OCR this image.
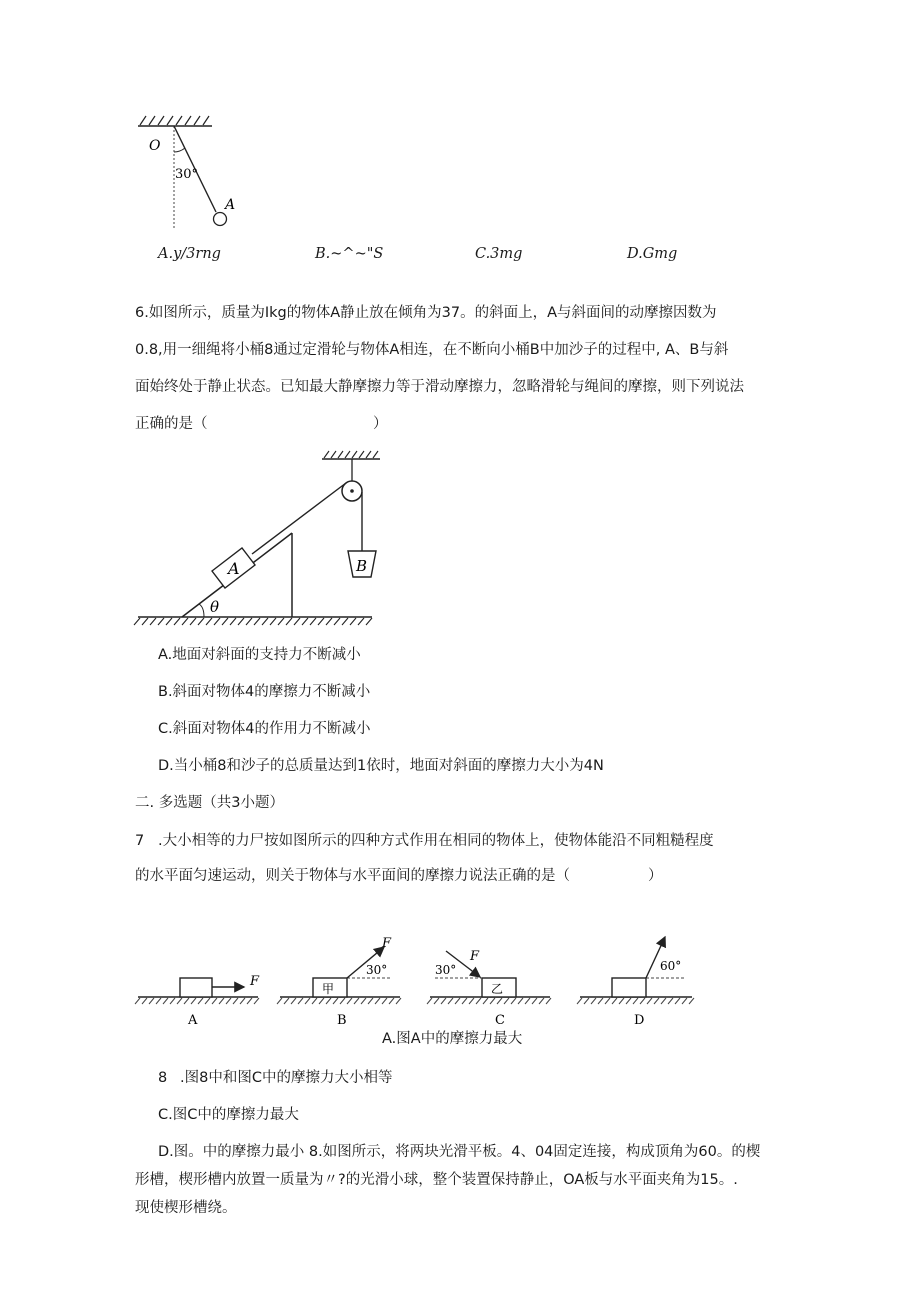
O
30°
A
A.y/3rng	B.~^~"S	C.3mg	D.Gmg
6.如图所示，质量为Ikg的物体A静止放在倾角为37。的斜面上，A与斜面间的动摩擦因数为
0.8,用一细绳将小桶8通过定滑轮与物体A相连，在不断向小桶B中加沙子的过程中, A、B与斜
面始终处于静止状态。已知最大静摩擦力等于滑动摩擦力，忽略滑轮与绳间的摩擦，则下列说法
正确的是（	）
A	B
θ
A.地面对斜面的支持力不断减小
B.斜面对物体4的摩擦力不断减小
C.斜面对物体4的作用力不断减小
D.当小桶8和沙子的总质量达到1依时，地面对斜面的摩擦力大小为4N
二. 多选题（共3小题）
7 .大小相等的力尸按如图所示的四种方式作用在相同的物体上，使物体能沿不同粗糙程度
的水平面匀速运动，则关于物体与水平面间的摩擦力说法正确的是（	）
F
A
甲
F
30°
B
乙
F
30°
C
60°
D
A.图A中的摩擦力最大
8 .图8中和图C中的摩擦力大小相等
C.图C中的摩擦力最大
D.图。中的摩擦力最小 8.如图所示，将两块光滑平板。4、04固定连接，构成顶角为60。的楔
形槽，楔形槽内放置一质量为〃?的光滑小球，整个装置保持静止，OA板与水平面夹角为15。.
现使楔形槽绕。
